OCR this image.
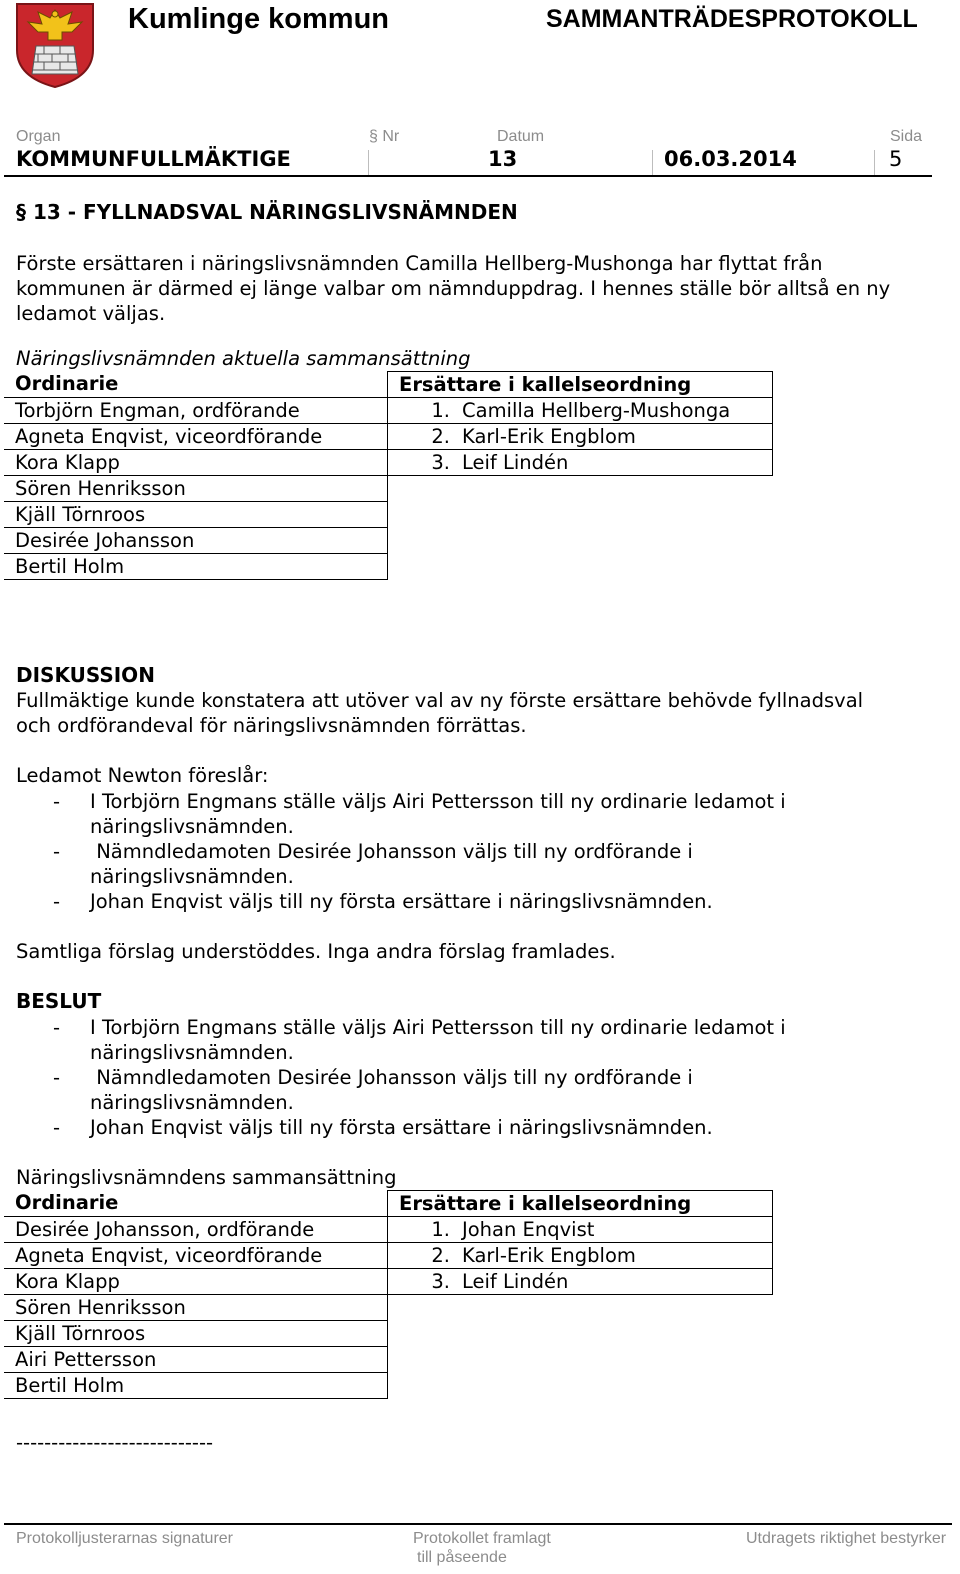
Kumlinge kommun	SAMMANTRÄDESPROTOKOLL
Organ	§ Nr	Datum	Sida
KOMMUNFULLMÄKTIGE	13	06.03.2014	5
§ 13 - FYLLNADSVAL NÄRINGSLIVSNÄMNDEN
Förste ersättaren i näringslivsnämnden Camilla Hellberg-Mushonga har flyttat från
kommunen är därmed ej länge valbar om nämnduppdrag. I hennes ställe bör alltså en ny
ledamot väljas.
Näringslivsnämnden aktuella sammansättning
Ordinarie	Ersättare i kallelseordning
Torbjörn Engman, ordförande	1. Camilla Hellberg-Mushonga
Agneta Enqvist, viceordförande	2. Karl-Erik Engblom
Kora Klapp	3. Leif Lindén
Sören Henriksson	
Kjäll Törnroos	
Desirée Johansson	
Bertil Holm	
DISKUSSION
Fullmäktige kunde konstatera att utöver val av ny förste ersättare behövde fyllnadsval
och ordförandeval för näringslivsnämnden förrättas.
Ledamot Newton föreslår:
- I Torbjörn Engmans ställe väljs Airi Pettersson till ny ordinarie ledamot i
näringslivsnämnden.
- Nämndledamoten Desirée Johansson väljs till ny ordförande i
näringslivsnämnden.
- Johan Enqvist väljs till ny första ersättare i näringslivsnämnden.
Samtliga förslag understöddes. Inga andra förslag framlades.
BESLUT
- I Torbjörn Engmans ställe väljs Airi Pettersson till ny ordinarie ledamot i
näringslivsnämnden.
- Nämndledamoten Desirée Johansson väljs till ny ordförande i
näringslivsnämnden.
- Johan Enqvist väljs till ny första ersättare i näringslivsnämnden.
Näringslivsnämndens sammansättning
Ordinarie	Ersättare i kallelseordning
Desirée Johansson, ordförande	1. Johan Enqvist
Agneta Enqvist, viceordförande	2. Karl-Erik Engblom
Kora Klapp	3. Leif Lindén
Sören Henriksson	
Kjäll Törnroos	
Airi Pettersson	
Bertil Holm	
----------------------------
Protokolljusterarnas signaturer	Protokollet framlagt
till påseende
Utdragets riktighet bestyrker
